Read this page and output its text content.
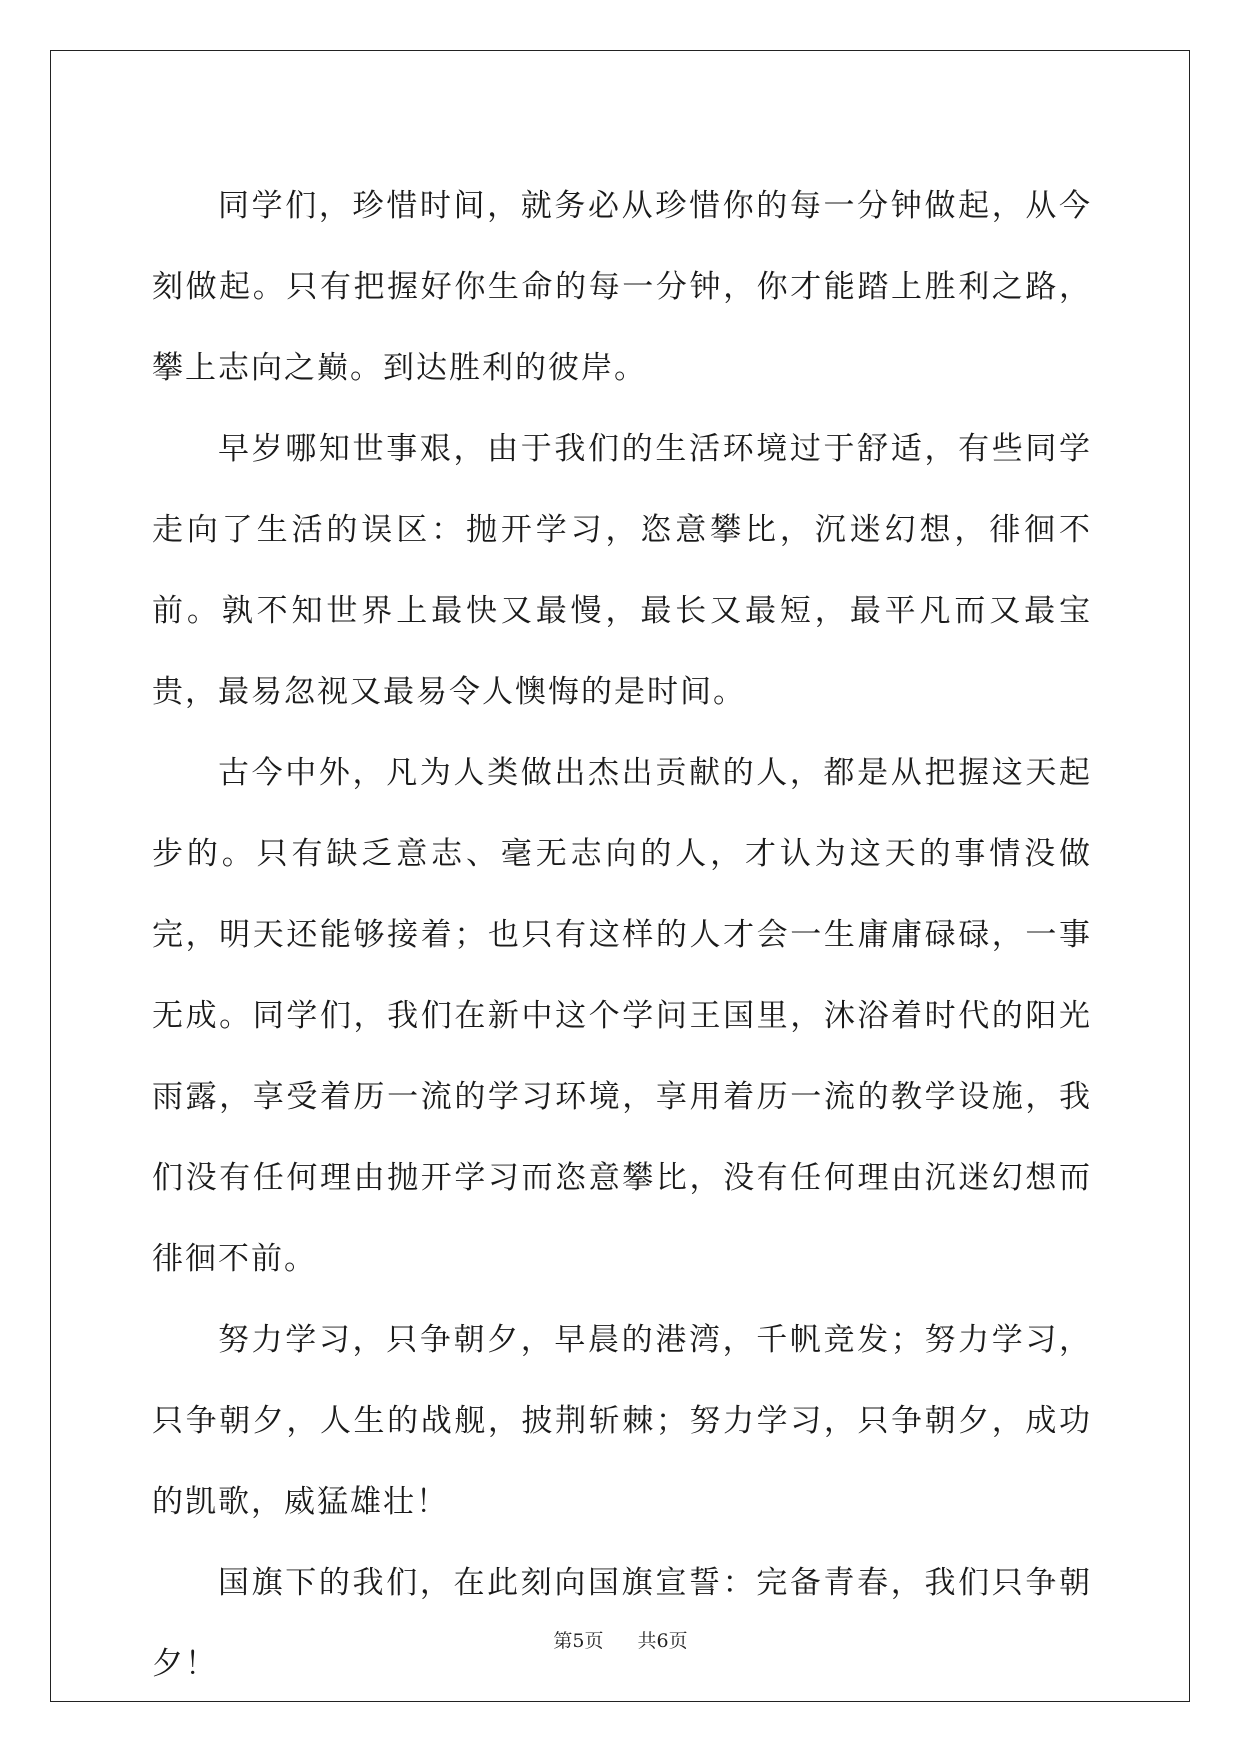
同学们，珍惜时间，就务必从珍惜你的每一分钟做起，从今刻做起。只有把握好你生命的每一分钟，你才能踏上胜利之路，攀上志向之巅。到达胜利的彼岸。

早岁哪知世事艰，由于我们的生活环境过于舒适，有些同学走向了生活的误区：抛开学习，恣意攀比，沉迷幻想，徘徊不前。孰不知世界上最快又最慢，最长又最短，最平凡而又最宝贵，最易忽视又最易令人懊悔的是时间。

古今中外，凡为人类做出杰出贡献的人，都是从把握这天起步的。只有缺乏意志、毫无志向的人，才认为这天的事情没做完，明天还能够接着；也只有这样的人才会一生庸庸碌碌，一事无成。同学们，我们在新中这个学问王国里，沐浴着时代的阳光雨露，享受着历一流的学习环境，享用着历一流的教学设施，我们没有任何理由抛开学习而恣意攀比，没有任何理由沉迷幻想而徘徊不前。

努力学习，只争朝夕，早晨的港湾，千帆竞发；努力学习，只争朝夕，人生的战舰，披荆斩棘；努力学习，只争朝夕，成功的凯歌，威猛雄壮！

国旗下的我们，在此刻向国旗宣誓：完备青春，我们只争朝夕！

第5页 共6页
